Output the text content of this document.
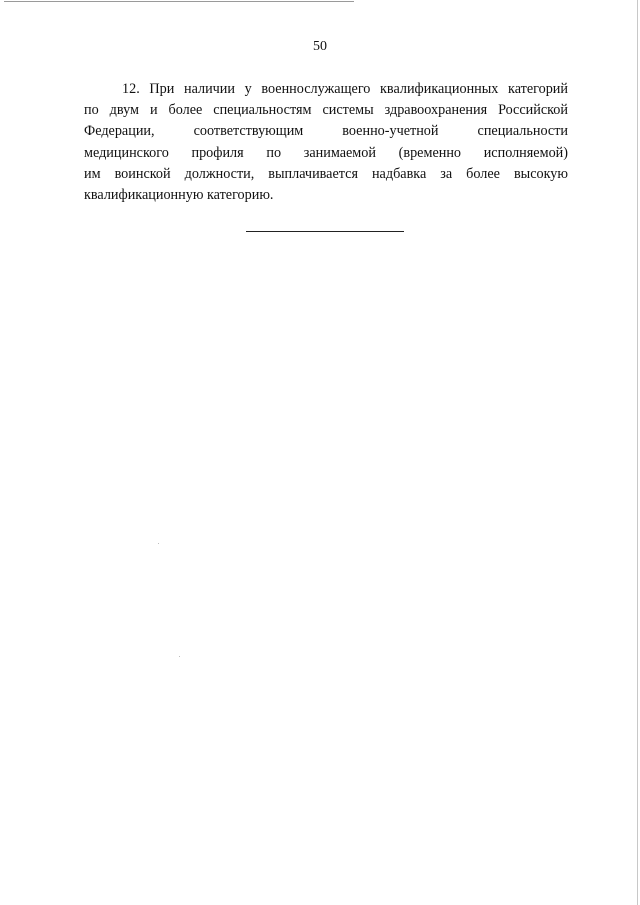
50
12. При наличии у военнослужащего квалификационных категорий
по двум и более специальностям системы здравоохранения Российской
Федерации, соответствующим военно-учетной специальности
медицинского профиля по занимаемой (временно исполняемой)
им воинской должности, выплачивается надбавка за более высокую
квалификационную категорию.
